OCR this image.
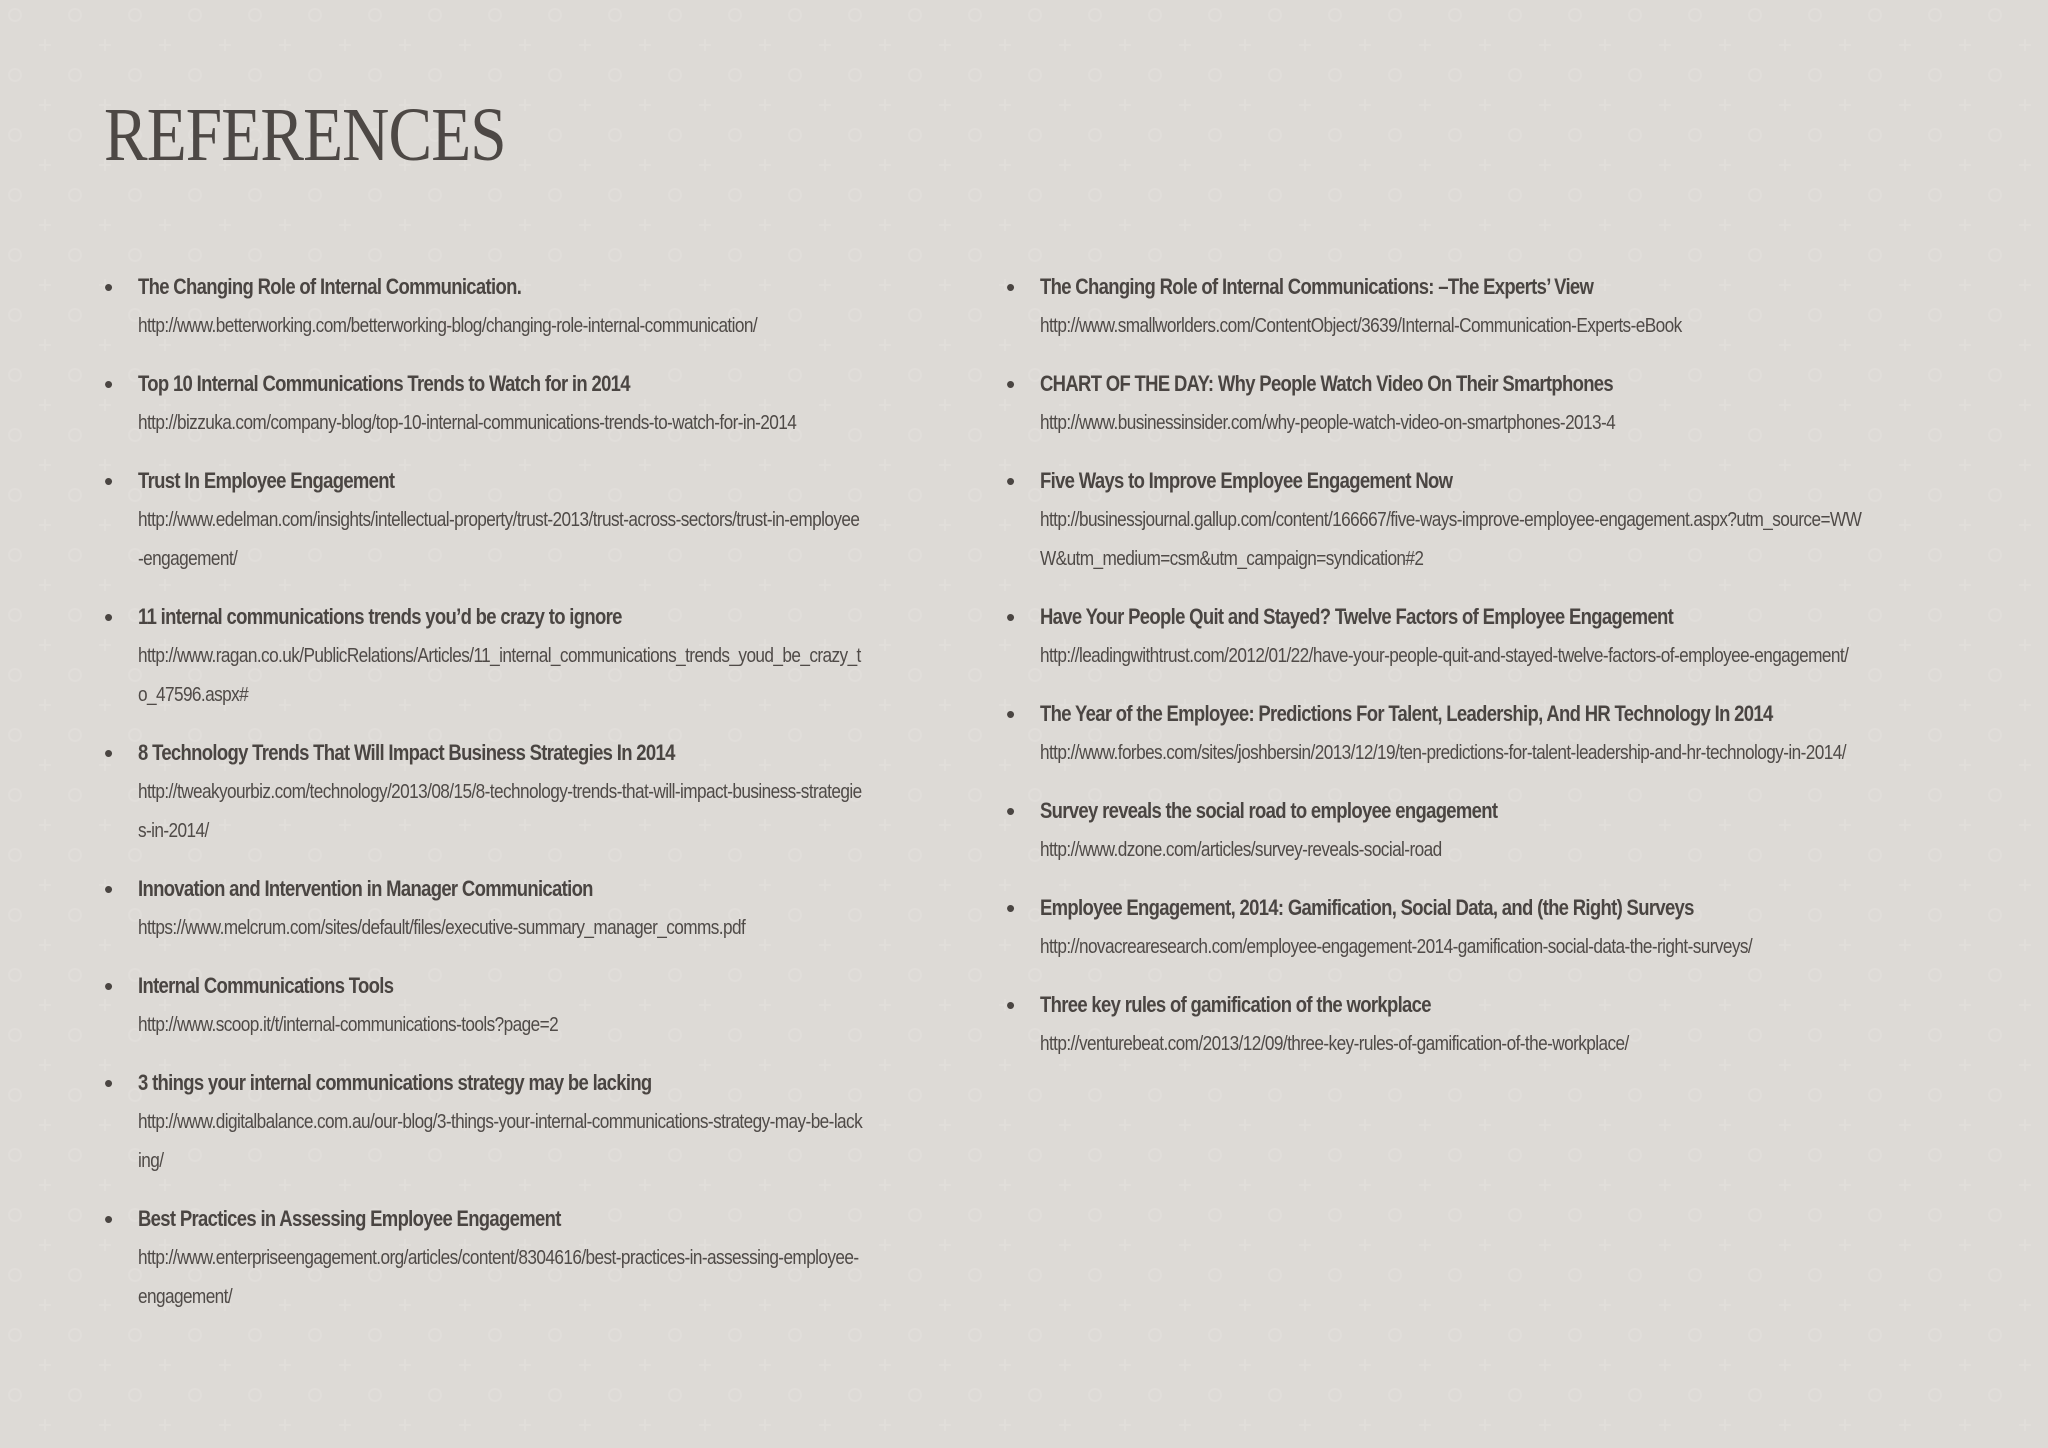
REFERENCES
• The Changing Role of Internal Communication.
http://www.betterworking.com/betterworking-blog/changing-role-internal-communication/
• Top 10 Internal Communications Trends to Watch for in 2014
http://bizzuka.com/company-blog/top-10-internal-communications-trends-to-watch-for-in-2014
• Trust In Employee Engagement
http://www.edelman.com/insights/intellectual-property/trust-2013/trust-across-sectors/trust-in-employee-engagement/
• 11 internal communications trends you’d be crazy to ignore
http://www.ragan.co.uk/PublicRelations/Articles/11_internal_communications_trends_youd_be_crazy_to_47596.aspx#
• 8 Technology Trends That Will Impact Business Strategies In 2014
http://tweakyourbiz.com/technology/2013/08/15/8-technology-trends-that-will-impact-business-strategies-in-2014/
• Innovation and Intervention in Manager Communication
https://www.melcrum.com/sites/default/files/executive-summary_manager_comms.pdf
• Internal Communications Tools
http://www.scoop.it/t/internal-communications-tools?page=2
• 3 things your internal communications strategy may be lacking
http://www.digitalbalance.com.au/our-blog/3-things-your-internal-communications-strategy-may-be-lacking/
• Best Practices in Assessing Employee Engagement
http://www.enterpriseengagement.org/articles/content/8304616/best-practices-in-assessing-employee-engagement/
• The Changing Role of Internal Communications: –The Experts’ View
http://www.smallworlders.com/ContentObject/3639/Internal-Communication-Experts-eBook
• CHART OF THE DAY: Why People Watch Video On Their Smartphones
http://www.businessinsider.com/why-people-watch-video-on-smartphones-2013-4
• Five Ways to Improve Employee Engagement Now
http://businessjournal.gallup.com/content/166667/five-ways-improve-employee-engagement.aspx?utm_source=WWW&utm_medium=csm&utm_campaign=syndication#2
• Have Your People Quit and Stayed? Twelve Factors of Employee Engagement
http://leadingwithtrust.com/2012/01/22/have-your-people-quit-and-stayed-twelve-factors-of-employee-engagement/
• The Year of the Employee: Predictions For Talent, Leadership, And HR Technology In 2014
http://www.forbes.com/sites/joshbersin/2013/12/19/ten-predictions-for-talent-leadership-and-hr-technology-in-2014/
• Survey reveals the social road to employee engagement
http://www.dzone.com/articles/survey-reveals-social-road
• Employee Engagement, 2014: Gamification, Social Data, and (the Right) Surveys
http://novacrearesearch.com/employee-engagement-2014-gamification-social-data-the-right-surveys/
• Three key rules of gamification of the workplace
http://venturebeat.com/2013/12/09/three-key-rules-of-gamification-of-the-workplace/
